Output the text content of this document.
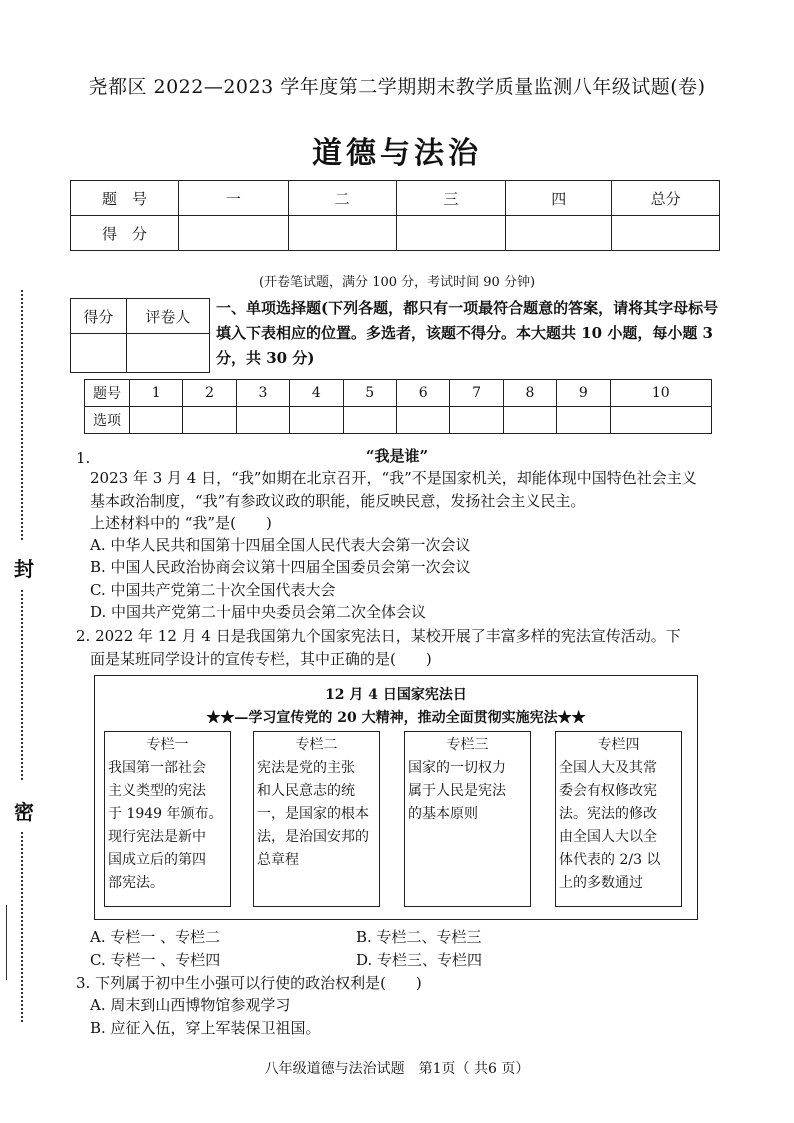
尧都区 2022—2023 学年度第二学期期末教学质量监测八年级试题(卷)
道德与法治
题　号	一	二	三	四	总分
得　分					
(开卷笔试题，满分 100 分，考试时间 90 分钟)
得分	评卷人
	一、单项选择题(下列各题，都只有一项最符合题意的答案，请将其字母标号填入下表相应的位置。多选者，该题不得分。本大题共 10 小题，每小题 3 分，共 30 分)
题号	1	2	3	4	5	6	7	8	9	10
选项										
1.	“我是谁”
2023 年 3 月 4 日，“我”如期在北京召开，“我”不是国家机关，却能体现中国特色社会主义
基本政治制度，“我”有参政议政的职能，能反映民意，发扬社会主义民主。
上述材料中的 “我”是(　　)
A. 中华人民共和国第十四届全国人民代表大会第一次会议
B. 中国人民政治协商会议第十四届全国委员会第一次会议
C. 中国共产党第二十次全国代表大会
D. 中国共产党第二十届中央委员会第二次全体会议
2. 2022 年 12 月 4 日是我国第九个国家宪法日，某校开展了丰富多样的宪法宣传活动。下
面是某班同学设计的宣传专栏，其中正确的是(　　)
12 月 4 日国家宪法日
★★—学习宣传党的 20 大精神，推动全面贯彻实施宪法★★
专栏一
我国第一部社会
主义类型的宪法
于 1949 年颁布。
现行宪法是新中
国成立后的第四
部宪法。
专栏二
宪法是党的主张
和人民意志的统
一，是国家的根本
法，是治国安邦的
总章程
专栏三
国家的一切权力
属于人民是宪法
的基本原则
专栏四
全国人大及其常
委会有权修改宪
法。宪法的修改
由全国人大以全
体代表的 2/3 以
上的多数通过
A. 专栏一 、专栏二	B. 专栏二、专栏三
C. 专栏一 、专栏四	D. 专栏三、专栏四
3. 下列属于初中生小强可以行使的政治权利是(　　)
A. 周末到山西博物馆参观学习
B. 应征入伍，穿上军装保卫祖国。
八年级道德与法治试题　第1页（ 共6 页）
封
密
